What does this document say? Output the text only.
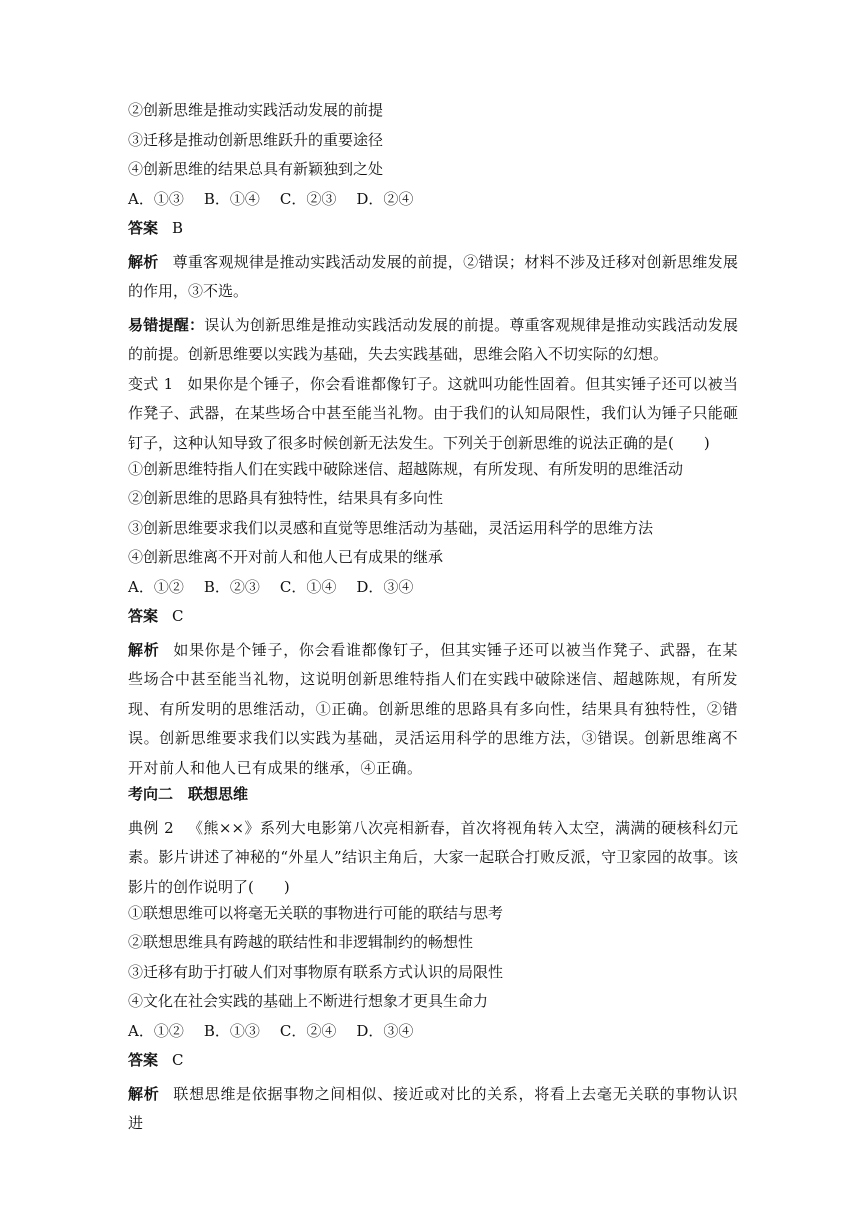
②创新思维是推动实践活动发展的前提
③迁移是推动创新思维跃升的重要途径
④创新思维的结果总具有新颖独到之处
A．①③ B．①④ C．②③ D．②④
答案 B
解析 尊重客观规律是推动实践活动发展的前提，②错误；材料不涉及迁移对创新思维发展的作用，③不选。
易错提醒：误认为创新思维是推动实践活动发展的前提。尊重客观规律是推动实践活动发展的前提。创新思维要以实践为基础，失去实践基础，思维会陷入不切实际的幻想。
变式 1 如果你是个锤子，你会看谁都像钉子。这就叫功能性固着。但其实锤子还可以被当作凳子、武器，在某些场合中甚至能当礼物。由于我们的认知局限性，我们认为锤子只能砸钉子，这种认知导致了很多时候创新无法发生。下列关于创新思维的说法正确的是(　　)
①创新思维特指人们在实践中破除迷信、超越陈规，有所发现、有所发明的思维活动
②创新思维的思路具有独特性，结果具有多向性
③创新思维要求我们以灵感和直觉等思维活动为基础，灵活运用科学的思维方法
④创新思维离不开对前人和他人已有成果的继承
A．①② B．②③ C．①④ D．③④
答案 C
解析 如果你是个锤子，你会看谁都像钉子，但其实锤子还可以被当作凳子、武器，在某些场合中甚至能当礼物，这说明创新思维特指人们在实践中破除迷信、超越陈规，有所发现、有所发明的思维活动，①正确。创新思维的思路具有多向性，结果具有独特性，②错误。创新思维要求我们以实践为基础，灵活运用科学的思维方法，③错误。创新思维离不开对前人和他人已有成果的继承，④正确。
考向二　联想思维
典例 2 《熊××》系列大电影第八次亮相新春，首次将视角转入太空，满满的硬核科幻元素。影片讲述了神秘的“外星人”结识主角后，大家一起联合打败反派，守卫家园的故事。该影片的创作说明了(　　)
①联想思维可以将毫无关联的事物进行可能的联结与思考
②联想思维具有跨越的联结性和非逻辑制约的畅想性
③迁移有助于打破人们对事物原有联系方式认识的局限性
④文化在社会实践的基础上不断进行想象才更具生命力
A．①② B．①③ C．②④ D．③④
答案 C
解析 联想思维是依据事物之间相似、接近或对比的关系，将看上去毫无关联的事物认识进
